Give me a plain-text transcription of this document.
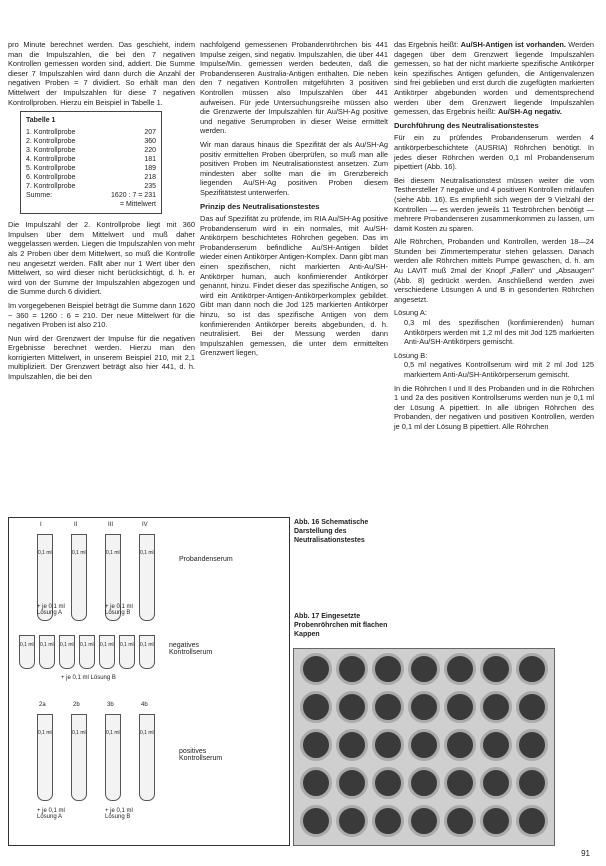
pro Minute berechnet werden. Das geschieht, indem man die Impulszahlen, die bei den 7 negativen Kontrollen gemessen worden sind, addiert. Die Summe dieser 7 Impulszahlen wird dann durch die Anzahl der negativen Proben = 7 dividiert. So erhält man den Mittelwert der Impulszahlen für diese 7 negativen Kontrollproben. Hierzu ein Beispiel in Tabelle 1.

Tabelle 1
1. Kontrollprobe	207
2. Kontrollprobe	360
3. Kontrollprobe	220
4. Kontrollprobe	181
5. Kontrollprobe	189
6. Kontrollprobe	218
7. Kontrollprobe	235
Summe:	1620 : 7 = 231
= Mittelwert

Die Impulszahl der 2. Kontrollprobe liegt mit 360 Impulsen über dem Mittelwert und muß daher weggelassen werden. Liegen die Impulszahlen von mehr als 2 Proben über dem Mittelwert, so muß die Kontrolle neu angesetzt werden. Fällt aber nur 1 Wert über den Mittelwert, so wird dieser nicht berücksichtigt, d. h. er wird von der Summe der Impulszahlen abgezogen und die Summe durch 6 dividiert.

Im vorgegebenen Beispiel beträgt die Summe dann 1620 − 360 = 1260 : 6 = 210. Der neue Mittelwert für die negativen Proben ist also 210.

Nun wird der Grenzwert der Impulse für die negativen Ergebnisse berechnet werden. Hierzu man den korrigierten Mittelwert, in unserem Beispiel 210, mit 2,1 multipliziert. Der Grenzwert beträgt also hier 441, d. h. Impulszahlen, die bei den

nachfolgend gemessenen Probandenröhrchen bis 441 Impulse zeigen, sind negativ. Impulszahlen, die über 441 Impulse/Min. gemessen werden bedeuten, daß die Probandenseren Australia-Antigen enthalten. Die neben den 7 negativen Kontrollen mitgeführten 3 positiven Kontrollen müssen also Impulszahlen über 441 aufweisen. Für jede Untersuchungsreihe müssen also die Grenzwerte der Impulszahlen für Au/SH-Ag positive und negative Serumproben in dieser Weise ermittelt werden.

Wir man daraus hinaus die Spezifität der als Au/SH-Ag positiv ermittelten Proben überprüfen, so muß man alle positiven Proben im Neutralisationstest ansetzen. Zum mindesten aber sollte man die im Grenzbereich liegenden Au/SH-Ag positiven Proben diesem Spezifitätstest unterwerfen.

Prinzip des Neutralisationstestes

Das auf Spezifität zu prüfende, im RIA Au/SH-Ag positive Probandenserum wird in ein normales, mit Au/SH-Antikörpern beschichtetes Röhrchen gegeben. Das im Probandenserum befindliche Au/SH-Antigen bildet wieder einen Antikörper Antigen-Komplex. Dann gibt man einen spezifischen, nicht markierten Anti-Au/SH-Antikörper human, auch konfimierender Antikörper genannt, hinzu. Findet dieser das spezifische Antigen, so wird ein Antikörper-Antigen-Antikörperkomplex gebildet. Gibt man dann noch die Jod 125 markierten Antikörper hinzu, so ist das spezifische Antigen von dem konfimierenden Antikörper bereits abgebunden, d. h. neutralisiert. Bei der Messung werden dann Impulszahlen gemessen, die unter dem ermittelten Grenzwert liegen,

das Ergebnis heißt: Au/SH-Antigen ist vorhanden. Werden dagegen über dem Grenzwert liegende Impulszahlen gemessen, so hat der nicht markierte spezifische Antikörper kein spezifisches Antigen gefunden, die Antigenvalenzen sind frei geblieben und erst durch die zugefügten markierten Antikörper abgebunden worden und dementsprechend werden über dem Grenzwert liegende Impulszahlen gemessen, das Ergebnis heißt: Au/SH-Ag negativ.

Durchführung des Neutralisationstestes

Für ein zu prüfendes Probandenserum werden 4 antikörperbeschichtete (AUSRIA) Röhrchen benötigt. In jedes dieser Röhrchen werden 0,1 ml Probandenserum pipettiert (Abb. 16).

Bei diesem Neutralisationstest müssen weiter die vom Testhersteller 7 negative und 4 positiven Kontrollen mitlaufen (siehe Abb. 16). Es empfiehlt sich wegen der 9 Vielzahl der Kontrollen — es werden jeweils 11 Teströhrchen benötigt — mehrere Probandenseren zusammenkommen zu lassen, um damit Kosten zu sparen.

Alle Röhrchen, Probanden und Kontrollen, werden 18—24 Stunden bei Zimmertemperatur stehen gelassen. Danach werden alle Röhrchen mittels Pumpe gewaschen, d. h. am Au LAVIT muß 2mal der Knopf „Fallen" und „Absaugen" (Abb. 8) gedrückt werden. Anschließend werden zwei verschiedene Lösungen A und B in gesonderten Röhrchen angesetzt.

Lösung A:

0,3 ml des spezifischen (konfimierenden) human Antikörpers werden mit 1,2 ml des mit Jod 125 markierten Anti-Au/SH-Antikörpers gemischt.

Lösung B:

0,5 ml negatives Kontrollserum wird mit 2 ml Jod 125 markiertem Anti-Au/SH-Antikörperserum gemischt.

In die Röhrchen I und II des Probanden und in die Röhrchen 1 und 2a des positiven Kontrollserums werden nun je 0,1 ml der Lösung A pipettiert. In alle übrigen Röhrchen des Probanden, der negativen und positiven Kontrollen, werden je 0,1 ml der Lösung B pipettiert. Alle Röhrchen

I
0,1 ml
II
0,1 ml
III
0,1 ml
IV
0,1 ml
Probandenserum
+ je 0,1 ml Lösung A
+ je 0,1 ml Lösung B
0,1 ml 0,1 ml 0,1 ml 0,1 ml 0,1 ml 0,1 ml 0,1 ml negatives Kontrollserum
+ je 0,1 ml Lösung B
2a
0,1 ml
2b
0,1 ml
3b
0,1 ml
4b
0,1 ml
positives Kontrollserum
+ je 0,1 ml Lösung A
+ je 0,1 ml Lösung B
Abb. 16 Schematische Darstellung des Neutralisationstestes
Abb. 17 Eingesetzte Probenröhrchen mit flachen Kappen
91
